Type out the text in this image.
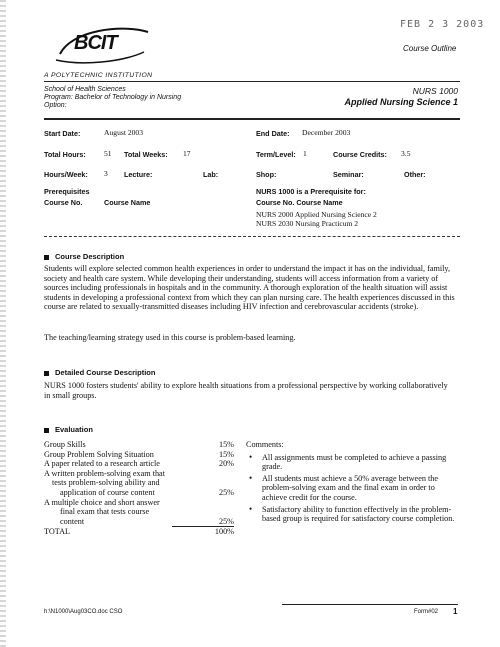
FEB 2 3 2003
BCIT	Course Outline
A POLYTECHNIC INSTITUTION
School of Health Sciences
Program: Bachelor of Technology in Nursing
Option:
NURS 1000
Applied Nursing Science 1
Start Date:	August 2003	End Date: December 2003
Total Hours: 51 Total Weeks: 17	Term/Level: 1	Course Credits: 3.5
Hours/Week: 3 Lecture:	Lab:	Shop:	Seminar:	Other:
Prerequisites
Course No.	Course Name
NURS 1000 is a Prerequisite for:
Course No. Course Name
NURS 2000 Applied Nursing Science 2
NURS 2030 Nursing Practicum 2
Course Description
Students will explore selected common health experiences in order to understand the impact it has on the individual, family, society and health care system. While developing their understanding, students will access information from a variety of sources including professionals in hospitals and in the community. A thorough exploration of the health situation will assist students in developing a professional context from which they can plan nursing care. The health experiences discussed in this course are related to sexually-transmitted diseases including HIV infection and cerebrovascular accidents (stroke).
The teaching/learning strategy used in this course is problem-based learning.
Detailed Course Description
NURS 1000 fosters students' ability to explore health situations from a professional perspective by working collaboratively in small groups.
Evaluation
Group Skills	15%
Group Problem Solving Situation	15%
A paper related to a research article	20%
A written problem-solving exam that
tests problem-solving ability and
application of course content	25%
A multiple choice and short answer
final exam that tests course
content	25%
TOTAL	100%
Comments:
• All assignments must be completed to achieve a passing grade.
• All students must achieve a 50% average between the problem-solving exam and the final exam in order to achieve credit for the course.
• Satisfactory ability to function effectively in the problem-based group is required for satisfactory course completion.
h:\N1000\Aug03CO.doc CSO	Form#02 1
